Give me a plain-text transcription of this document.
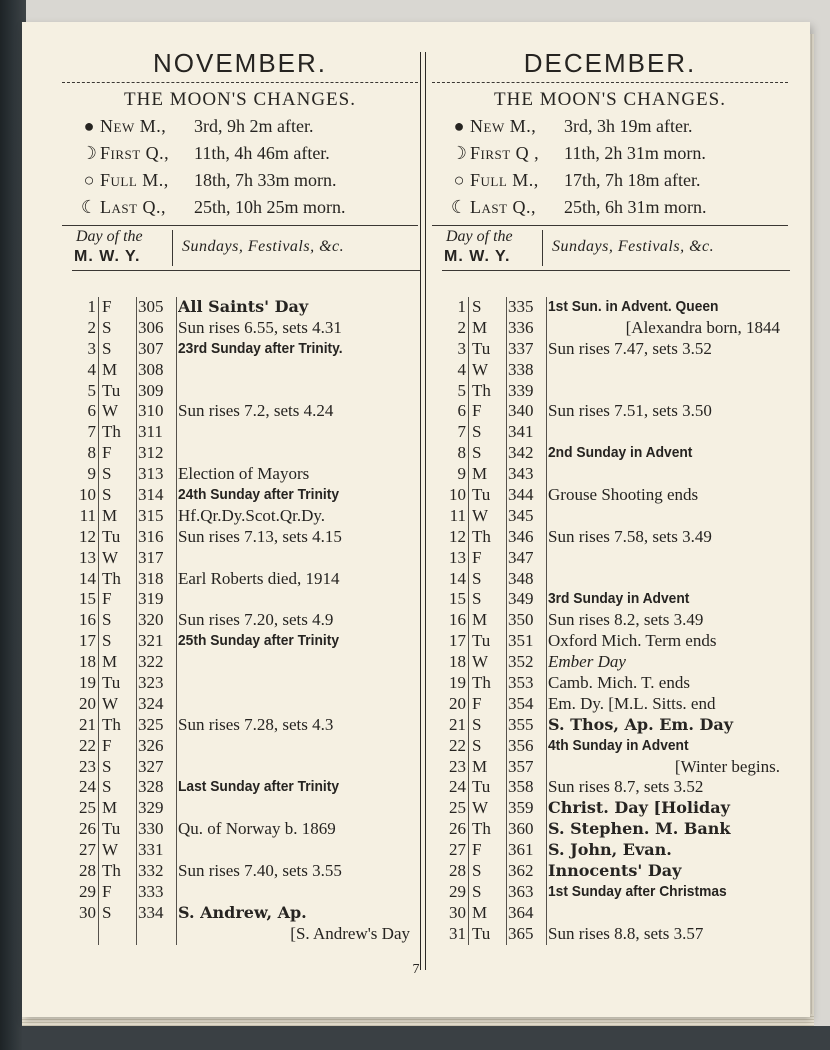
NOVEMBER.
THE MOON'S CHANGES.
● New M.,	3rd, 9h 2m after.
☽ First Q.,	11th, 4h 46m after.
○ Full M.,	18th, 7h 33m morn.
☾ Last Q.,	25th, 10h 25m morn.
Day of the
M. W. Y.
Sundays, Festivals, &c.
1 F	305 All Saints' Day
2 S	306 Sun rises 6.55, sets 4.31
3 S	307 23rd Sunday after Trinity.
4 M	308
5 Tu	309
6 W	310 Sun rises 7.2, sets 4.24
7 Th	311
8 F	312
9 S	313 Election of Mayors
10 S	314 24th Sunday after Trinity
11 M	315 Hf.Qr.Dy.Scot.Qr.Dy.
12 Tu	316 Sun rises 7.13, sets 4.15
13 W	317
14 Th	318 Earl Roberts died, 1914
15 F	319
16 S	320 Sun rises 7.20, sets 4.9
17 S	321 25th Sunday after Trinity
18 M	322
19 Tu	323
20 W	324
21 Th	325 Sun rises 7.28, sets 4.3
22 F	326
23 S	327
24 S	328 Last Sunday after Trinity
25 M	329
26 Tu	330 Qu. of Norway b. 1869
27 W	331
28 Th	332 Sun rises 7.40, sets 3.55
29 F	333
30 S	334 S. Andrew, Ap.
[S. Andrew's Day
DECEMBER.
THE MOON'S CHANGES.
● New M.,	3rd, 3h 19m after.
☽ First Q ,	11th, 2h 31m morn.
○ Full M.,	17th, 7h 18m after.
☾ Last Q.,	25th, 6h 31m morn.
Day of the
M. W. Y.
Sundays, Festivals, &c.
1 S	335 1st Sun. in Advent. Queen
2 M	336	[Alexandra born, 1844
3 Tu	337 Sun rises 7.47, sets 3.52
4 W	338
5 Th	339
6 F	340 Sun rises 7.51, sets 3.50
7 S	341
8 S	342 2nd Sunday in Advent
9 M	343
10 Tu	344 Grouse Shooting ends
11 W	345
12 Th	346 Sun rises 7.58, sets 3.49
13 F	347
14 S	348
15 S	349 3rd Sunday in Advent
16 M	350 Sun rises 8.2, sets 3.49
17 Tu	351 Oxford Mich. Term ends
18 W	352 Ember Day
19 Th	353 Camb. Mich. T. ends
20 F	354 Em. Dy. [M.L. Sitts. end
21 S	355 S. Thos, Ap. Em. Day
22 S	356 4th Sunday in Advent
23 M	357	[Winter begins.
24 Tu	358 Sun rises 8.7, sets 3.52
25 W	359 Christ. Day [Holiday
26 Th	360 S. Stephen. M. Bank
27 F	361 S. John, Evan.
28 S	362 Innocents' Day
29 S	363 1st Sunday after Christmas
30 M	364
31 Tu	365 Sun rises 8.8, sets 3.57
7
